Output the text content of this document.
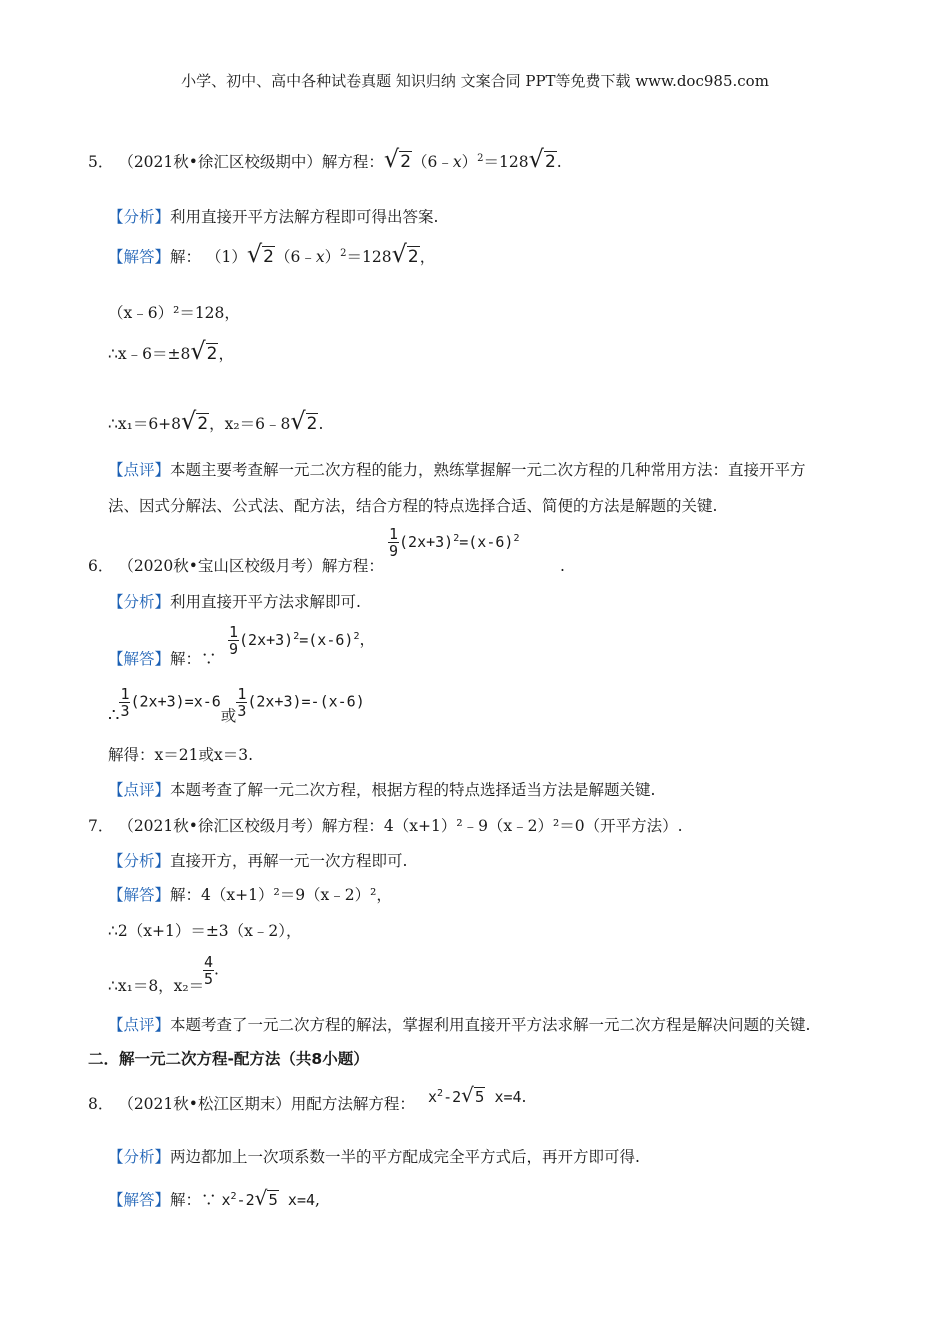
小学、初中、高中各种试卷真题 知识归纳 文案合同 PPT等免费下载 www.doc985.com
5． （2021秋•徐汇区校级期中）解方程：√2（6﹣x）$^2$＝128√2.
【分析】利用直接开平方法解方程即可得出答案.
【解答】解： （1）√2（6﹣x）$^2$＝128√2，
（x﹣6）²＝128，
∴x﹣6＝±8√2，
∴x₁＝6+8√2，x₂＝6﹣8√2.
【点评】本题主要考查解一元二次方程的能力，熟练掌握解一元二次方程的几种常用方法：直接开平方
法、因式分解法、公式法、配方法，结合方程的特点选择合适、简便的方法是解题的关键.
6． （2020秋•宝山区校级月考）解方程：
$\frac{1}{9} (2x+3)^2=(x-6)^2$
.
【分析】利用直接开平方法求解即可.
【解答】解：∵
$\frac{1}{9} (2x+3)^2=(x-6)^2$，
∴ $\frac{1}{3} (2x+3)=x-6$或 $\frac{1}{3} (2x+3)=-(x-6)$
解得：x＝21或x＝3.
【点评】本题考查了解一元二次方程，根据方程的特点选择适当方法是解题关键.
7． （2021秋•徐汇区校级月考）解方程：4（x+1）²﹣9（x﹣2）²＝0（开平方法）.
【分析】直接开方，再解一元一次方程即可.
【解答】解：4（x+1）²＝9（x﹣2）²，
∴2（x+1）＝±3（x﹣2），
∴x₁＝8，x₂＝
$\frac{4}{5}$ .
【点评】本题考查了一元二次方程的解法，掌握利用直接开平方法求解一元二次方程是解决问题的关键.
二．解一元二次方程-配方法（共8小题）
8． （2021秋•松江区期末）用配方法解方程： $x^2-2√5$ x=4.
【分析】两边都加上一次项系数一半的平方配成完全平方式后，再开方即可得.
【解答】解：∵ $x^2-2√5$ x=4,
